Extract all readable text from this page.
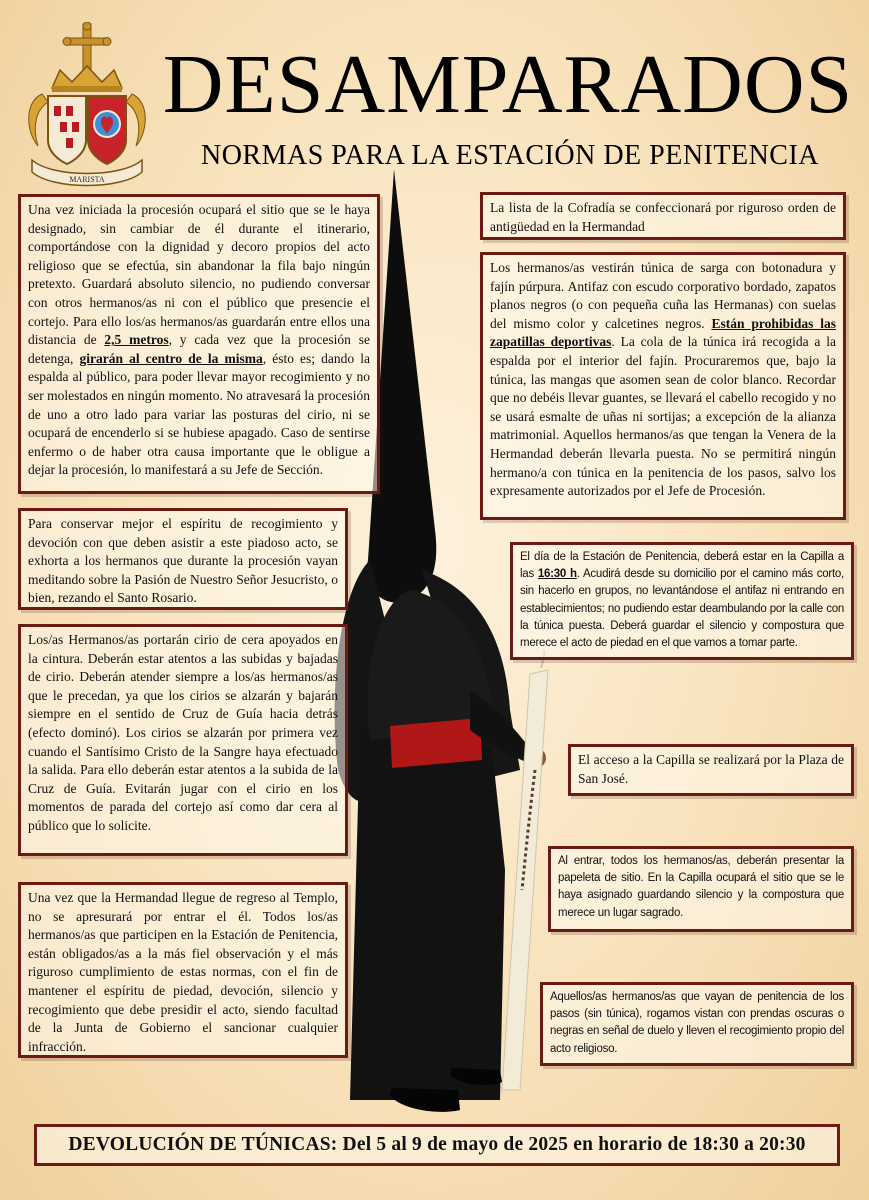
MARISTA
DESAMPARADOS
NORMAS PARA LA ESTACIÓN DE PENITENCIA
Una vez iniciada la procesión ocupará el sitio que se le haya designado, sin cambiar de él durante el itinerario, comportándose con la dignidad y decoro propios del acto religioso que se efectúa, sin abandonar la fila bajo ningún pretexto. Guardará absoluto silencio, no pudiendo conversar con otros hermanos/as ni con el público que presencie el cortejo. Para ello los/as hermanos/as guardarán entre ellos una distancia de 2,5 metros, y cada vez que la procesión se detenga, girarán al centro de la misma, ésto es; dando la espalda al público, para poder llevar mayor recogimiento y no ser molestados en ningún momento. No atravesará la procesión de uno a otro lado para variar las posturas del cirio, ni se ocupará de encenderlo si se hubiese apagado. Caso de sentirse enfermo o de haber otra causa importante que le obligue a dejar la procesión, lo manifestará a su Jefe de Sección.
Para conservar mejor el espíritu de recogimiento y devoción con que deben asistir a este piadoso acto, se exhorta a los hermanos que durante la procesión vayan meditando sobre la Pasión de Nuestro Señor Jesucristo, o bien, rezando el Santo Rosario.
Los/as Hermanos/as portarán cirio de cera apoyados en la cintura. Deberán estar atentos a las subidas y bajadas de cirio. Deberán atender siempre a los/as hermanos/as que le precedan, ya que los cirios se alzarán y bajarán siempre en el sentido de Cruz de Guía hacia detrás (efecto dominó). Los cirios se alzarán por primera vez cuando el Santísimo Cristo de la Sangre haya efectuado la salida. Para ello deberán estar atentos a la subida de la Cruz de Guía. Evitarán jugar con el cirio en los momentos de parada del cortejo así como dar cera al público que lo solicite.
Una vez que la Hermandad llegue de regreso al Templo, no se apresurará por entrar el él. Todos los/as hermanos/as que participen en la Estación de Penitencia, están obligados/as a la más fiel observación y el más riguroso cumplimiento de estas normas, con el fin de mantener el espíritu de piedad, devoción, silencio y recogimiento que debe presidir el acto, siendo facultad de la Junta de Gobierno el sancionar cualquier infracción.
La lista de la Cofradía se confeccionará por riguroso orden de antigüedad en la Hermandad
Los hermanos/as vestirán túnica de sarga con botonadura y fajín púrpura. Antifaz con escudo corporativo bordado, zapatos planos negros (o con pequeña cuña las Hermanas) con suelas del mismo color y calcetines negros. Están prohibidas las zapatillas deportivas. La cola de la túnica irá recogida a la espalda por el interior del fajín. Procuraremos que, bajo la túnica, las mangas que asomen sean de color blanco. Recordar que no debéis llevar guantes, se llevará el cabello recogido y no se usará esmalte de uñas ni sortijas; a excepción de la alianza matrimonial. Aquellos hermanos/as que tengan la Venera de la Hermandad deberán llevarla puesta. No se permitirá ningún hermano/a con túnica en la penitencia de los pasos, salvo los expresamente autorizados por el Jefe de Procesión.
El día de la Estación de Penitencia, deberá estar en la Capilla a las 16:30 h. Acudirá desde su domicilio por el camino más corto, sin hacerlo en grupos, no levantándose el antifaz ni entrando en establecimientos; no pudiendo estar deambulando por la calle con la túnica puesta. Deberá guardar el silencio y compostura que merece el acto de piedad en el que vamos a tomar parte.
El acceso a la Capilla se realizará por la Plaza de San José.
Al entrar, todos los hermanos/as, deberán presentar la papeleta de sitio. En la Capilla ocupará el sitio que se le haya asignado guardando silencio y la compostura que merece un lugar sagrado.
Aquellos/as hermanos/as que vayan de penitencia de los pasos (sin túnica), rogamos vistan con prendas oscuras o negras en señal de duelo y lleven el recogimiento propio del acto religioso.
DEVOLUCIÓN DE TÚNICAS: Del 5 al 9 de mayo de 2025 en horario de 18:30 a 20:30
